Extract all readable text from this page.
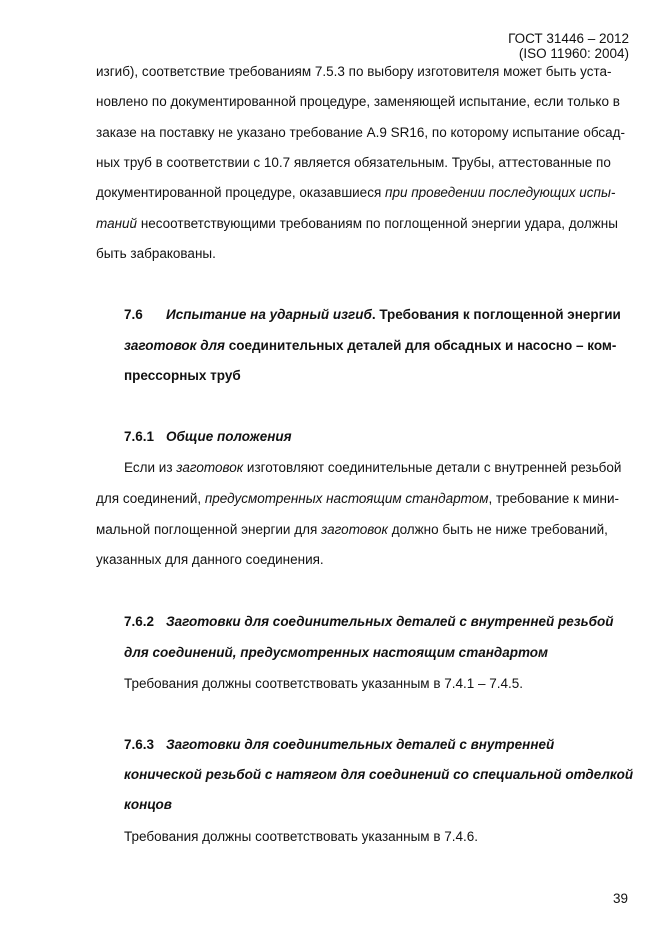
ГОСТ 31446 – 2012
(ISO 11960: 2004)
изгиб), соответствие требованиям 7.5.3 по выбору изготовителя может быть уста-
новлено по документированной процедуре, заменяющей испытание, если только в
заказе на поставку не указано требование А.9 SR16, по которому испытание обсад-
ных труб в соответствии с 10.7 является обязательным. Трубы, аттестованные по
документированной процедуре, оказавшиеся при проведении последующих испы-
таний несоответствующими требованиям по поглощенной энергии удара, должны
быть забракованы.
7.6 Испытание на ударный изгиб. Требования к поглощенной энергии
заготовок для соединительных деталей для обсадных и насосно – ком-
прессорных труб
7.6.1 Общие положения
Если из заготовок изготовляют соединительные детали с внутренней резьбой
для соединений, предусмотренных настоящим стандартом, требование к мини-
мальной поглощенной энергии для заготовок должно быть не ниже требований,
указанных для данного соединения.
7.6.2 Заготовки для соединительных деталей с внутренней резьбой
для соединений, предусмотренных настоящим стандартом
Требования должны соответствовать указанным в 7.4.1 – 7.4.5.
7.6.3 Заготовки для соединительных деталей с внутренней
конической резьбой с натягом для соединений со специальной отделкой
концов
Требования должны соответствовать указанным в 7.4.6.
39
